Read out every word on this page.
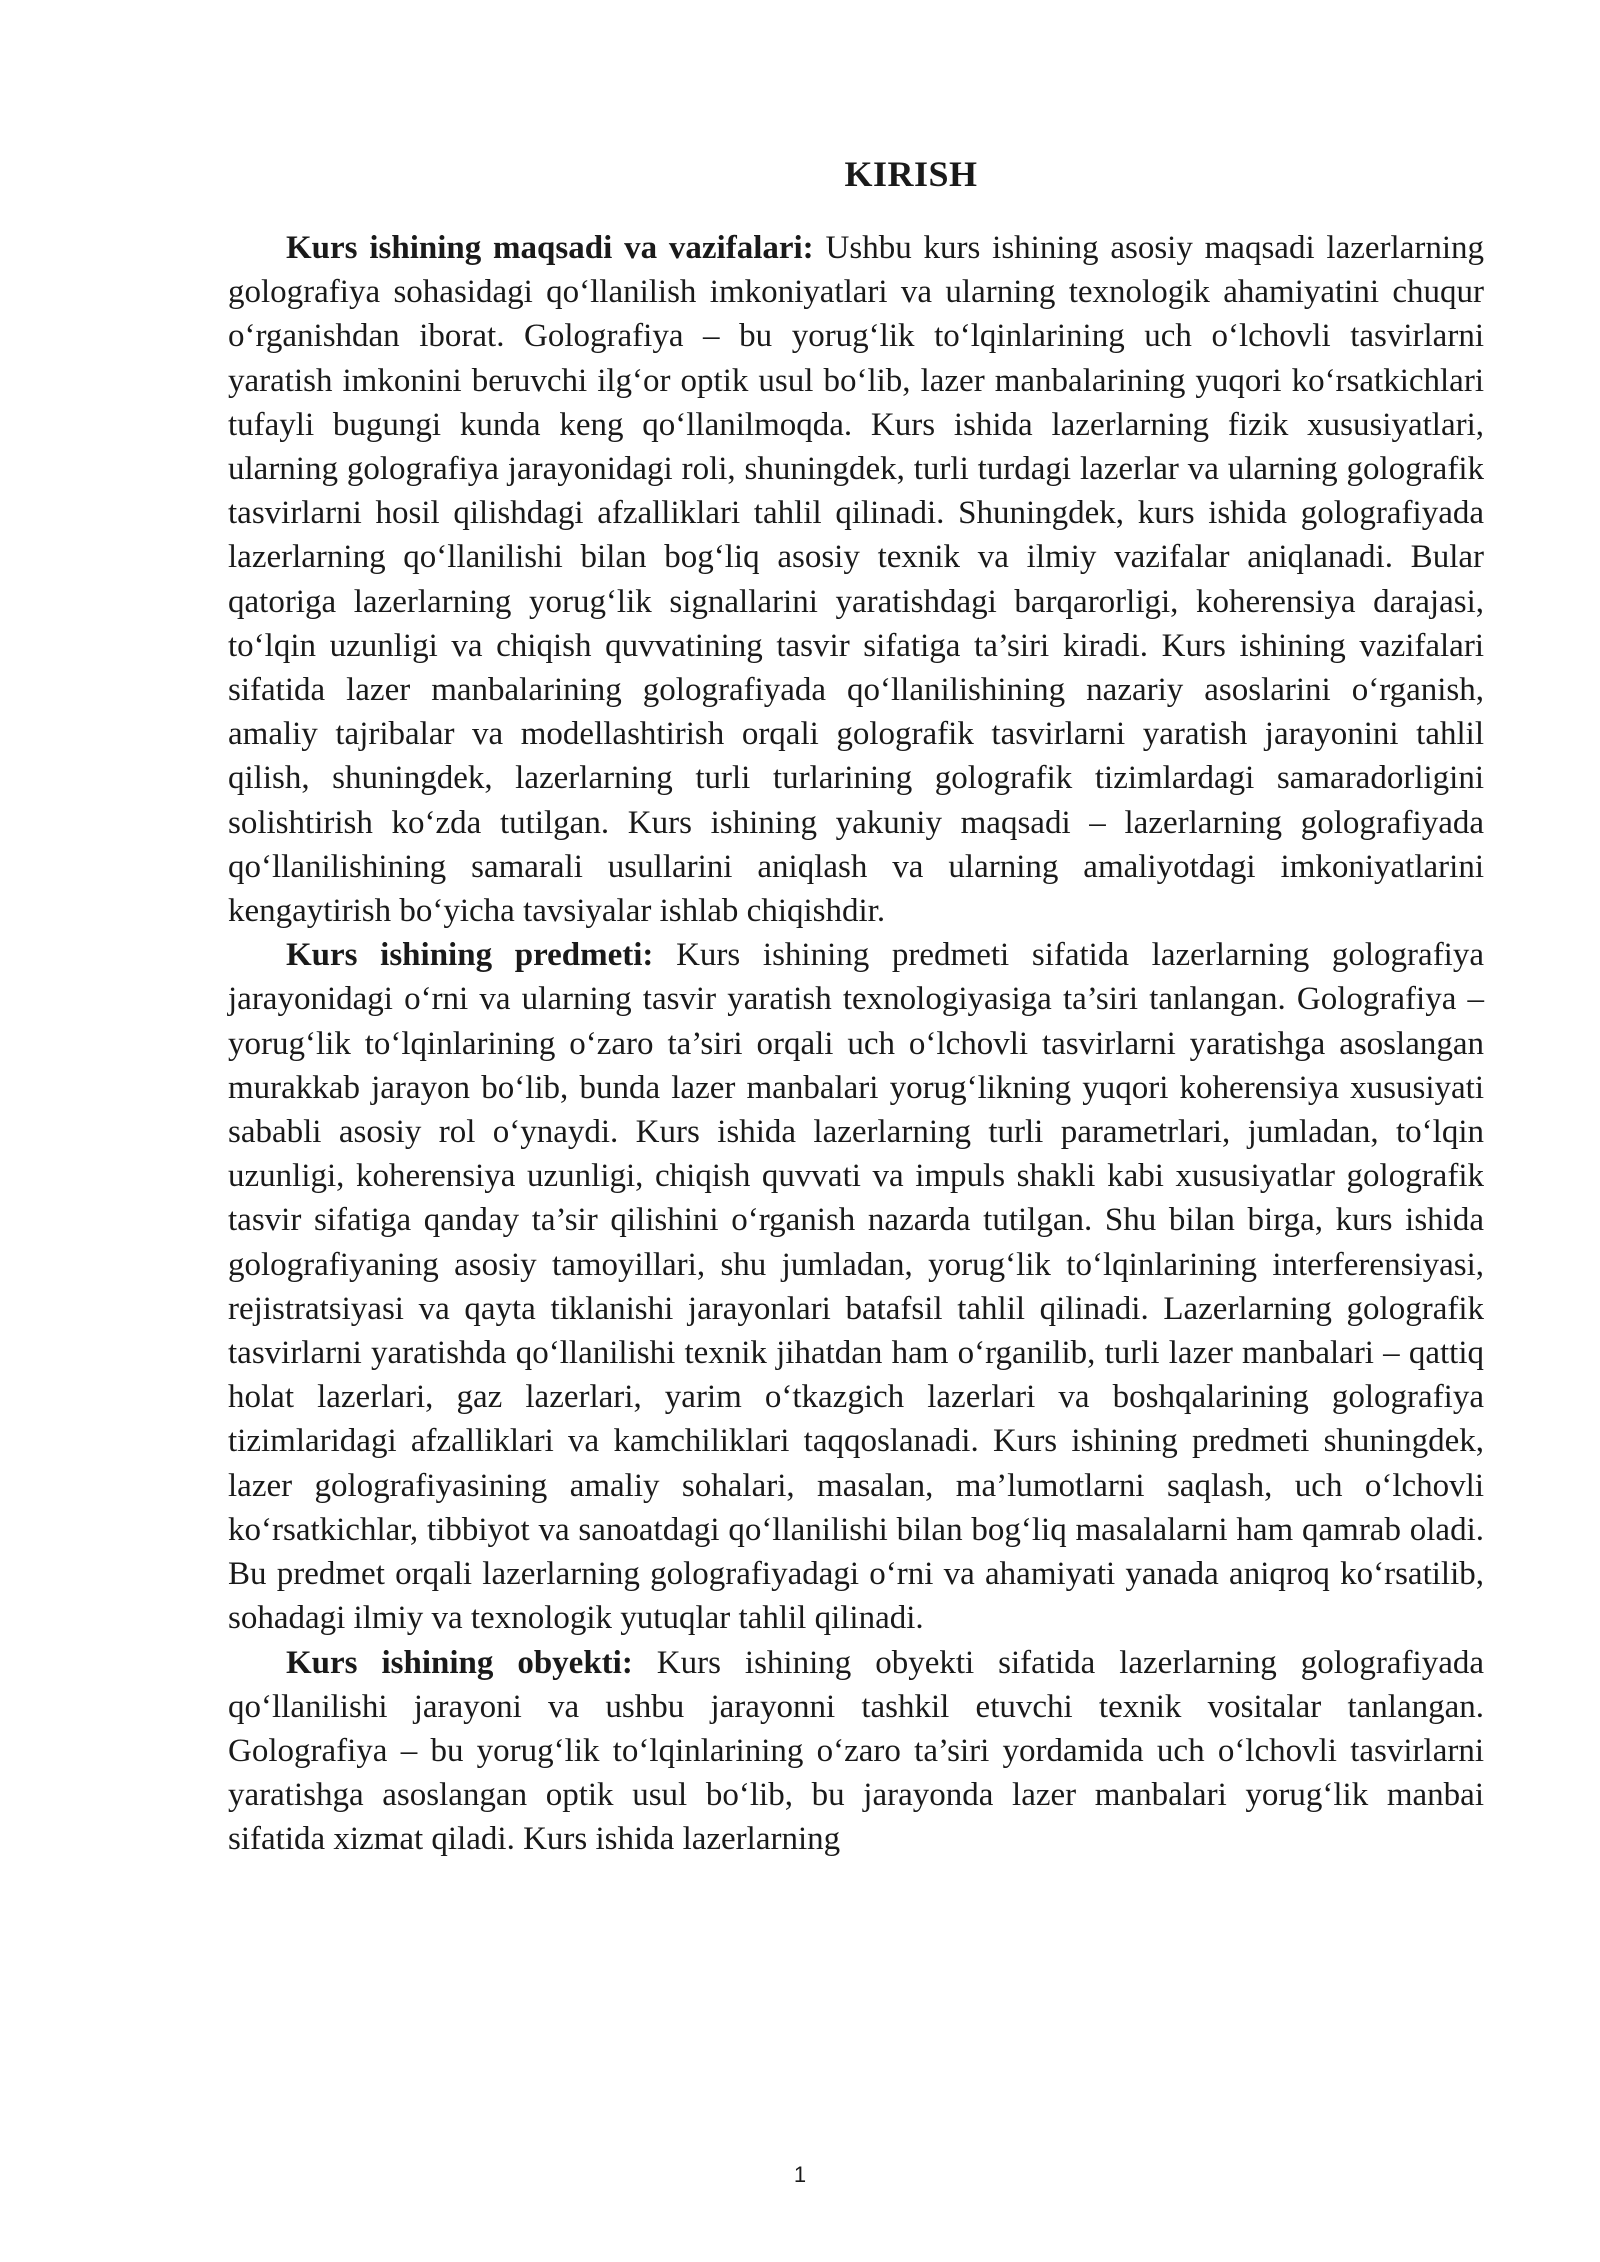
KIRISH

Kurs ishining maqsadi va vazifalari: Ushbu kurs ishining asosiy maqsadi lazerlarning golografiya sohasidagi qo‘llanilish imkoniyatlari va ularning texnologik ahamiyatini chuqur o‘rganishdan iborat. Golografiya – bu yorug‘lik to‘lqinlarining uch o‘lchovli tasvirlarni yaratish imkonini beruvchi ilg‘or optik usul bo‘lib, lazer manbalarining yuqori ko‘rsatkichlari tufayli bugungi kunda keng qo‘llanilmoqda. Kurs ishida lazerlarning fizik xususiyatlari, ularning golografiya jarayonidagi roli, shuningdek, turli turdagi lazerlar va ularning golografik tasvirlarni hosil qilishdagi afzalliklari tahlil qilinadi. Shuningdek, kurs ishida golografiyada lazerlarning qo‘llanilishi bilan bog‘liq asosiy texnik va ilmiy vazifalar aniqlanadi. Bular qatoriga lazerlarning yorug‘lik signallarini yaratishdagi barqarorligi, koherensiya darajasi, to‘lqin uzunligi va chiqish quvvatining tasvir sifatiga ta’siri kiradi. Kurs ishining vazifalari sifatida lazer manbalarining golografiyada qo‘llanilishining nazariy asoslarini o‘rganish, amaliy tajribalar va modellashtirish orqali golografik tasvirlarni yaratish jarayonini tahlil qilish, shuningdek, lazerlarning turli turlarining golografik tizimlardagi samaradorligini solishtirish ko‘zda tutilgan. Kurs ishining yakuniy maqsadi – lazerlarning golografiyada qo‘llanilishining samarali usullarini aniqlash va ularning amaliyotdagi imkoniyatlarini kengaytirish bo‘yicha tavsiyalar ishlab chiqishdir.

Kurs ishining predmeti: Kurs ishining predmeti sifatida lazerlarning golografiya jarayonidagi o‘rni va ularning tasvir yaratish texnologiyasiga ta’siri tanlangan. Golografiya – yorug‘lik to‘lqinlarining o‘zaro ta’siri orqali uch o‘lchovli tasvirlarni yaratishga asoslangan murakkab jarayon bo‘lib, bunda lazer manbalari yorug‘likning yuqori koherensiya xususiyati sababli asosiy rol o‘ynaydi. Kurs ishida lazerlarning turli parametrlari, jumladan, to‘lqin uzunligi, koherensiya uzunligi, chiqish quvvati va impuls shakli kabi xususiyatlar golografik tasvir sifatiga qanday ta’sir qilishini o‘rganish nazarda tutilgan. Shu bilan birga, kurs ishida golografiyaning asosiy tamoyillari, shu jumladan, yorug‘lik to‘lqinlarining interferensiyasi, rejistratsiyasi va qayta tiklanishi jarayonlari batafsil tahlil qilinadi. Lazerlarning golografik tasvirlarni yaratishda qo‘llanilishi texnik jihatdan ham o‘rganilib, turli lazer manbalari – qattiq holat lazerlari, gaz lazerlari, yarim o‘tkazgich lazerlari va boshqalarining golografiya tizimlaridagi afzalliklari va kamchiliklari taqqoslanadi. Kurs ishining predmeti shuningdek, lazer golografiyasining amaliy sohalari, masalan, ma’lumotlarni saqlash, uch o‘lchovli ko‘rsatkichlar, tibbiyot va sanoatdagi qo‘llanilishi bilan bog‘liq masalalarni ham qamrab oladi. Bu predmet orqali lazerlarning golografiyadagi o‘rni va ahamiyati yanada aniqroq ko‘rsatilib, sohadagi ilmiy va texnologik yutuqlar tahlil qilinadi.

Kurs ishining obyekti: Kurs ishining obyekti sifatida lazerlarning golografiyada qo‘llanilishi jarayoni va ushbu jarayonni tashkil etuvchi texnik vositalar tanlangan. Golografiya – bu yorug‘lik to‘lqinlarining o‘zaro ta’siri yordamida uch o‘lchovli tasvirlarni yaratishga asoslangan optik usul bo‘lib, bu jarayonda lazer manbalari yorug‘lik manbai sifatida xizmat qiladi. Kurs ishida lazerlarning

1
